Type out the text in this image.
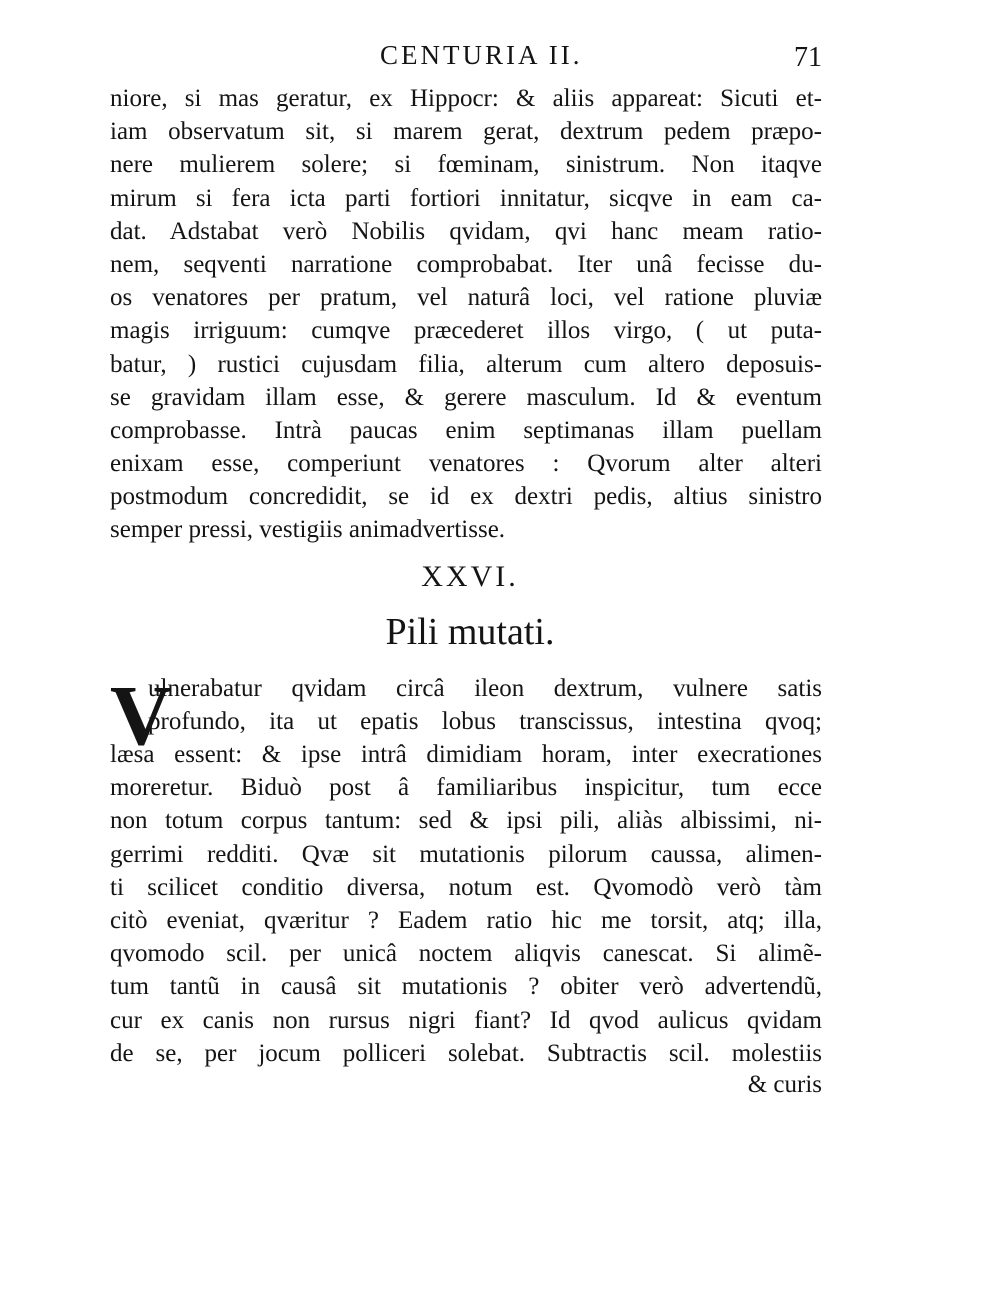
CENTURIA II.	71
niore, si mas geratur, ex Hippocr: & aliis appareat: Sicuti et-
iam observatum sit, si marem gerat, dextrum pedem præpo-
nere mulierem solere; si fœminam, sinistrum. Non itaqve
mirum si fera icta parti fortiori innitatur, sicqve in eam ca-
dat. Adstabat verò Nobilis qvidam, qvi hanc meam ratio-
nem, seqventi narratione comprobabat. Iter unâ fecisse du-
os venatores per pratum, vel naturâ loci, vel ratione pluviæ
magis irriguum: cumqve præcederet illos virgo, ( ut puta-
batur, ) rustici cujusdam filia, alterum cum altero deposuis-
se gravidam illam esse, & gerere masculum. Id & eventum
comprobasse. Intrà paucas enim septimanas illam puellam
enixam esse, comperiunt venatores : Qvorum alter alteri
postmodum concredidit, se id ex dextri pedis, altius sinistro
semper pressi, vestigiis animadvertisse.
XXVI.
Pili mutati.
V
ulnerabatur qvidam circâ ileon dextrum, vulnere satis
profundo, ita ut epatis lobus transcissus, intestina qvoq;
læsa essent: & ipse intrâ dimidiam horam, inter execrationes
moreretur. Biduò post â familiaribus inspicitur, tum ecce
non totum corpus tantum: sed & ipsi pili, aliàs albissimi, ni-
gerrimi redditi. Qvæ sit mutationis pilorum caussa, alimen-
ti scilicet conditio diversa, notum est. Qvomodò verò tàm
citò eveniat, qværitur ? Eadem ratio hic me torsit, atq; illa,
qvomodo scil. per unicâ noctem aliqvis canescat. Si alimẽ-
tum tantũ in causâ sit mutationis ? obiter verò advertendũ,
cur ex canis non rursus nigri fiant? Id qvod aulicus qvidam
de se, per jocum polliceri solebat. Subtractis scil. molestiis
& curis
